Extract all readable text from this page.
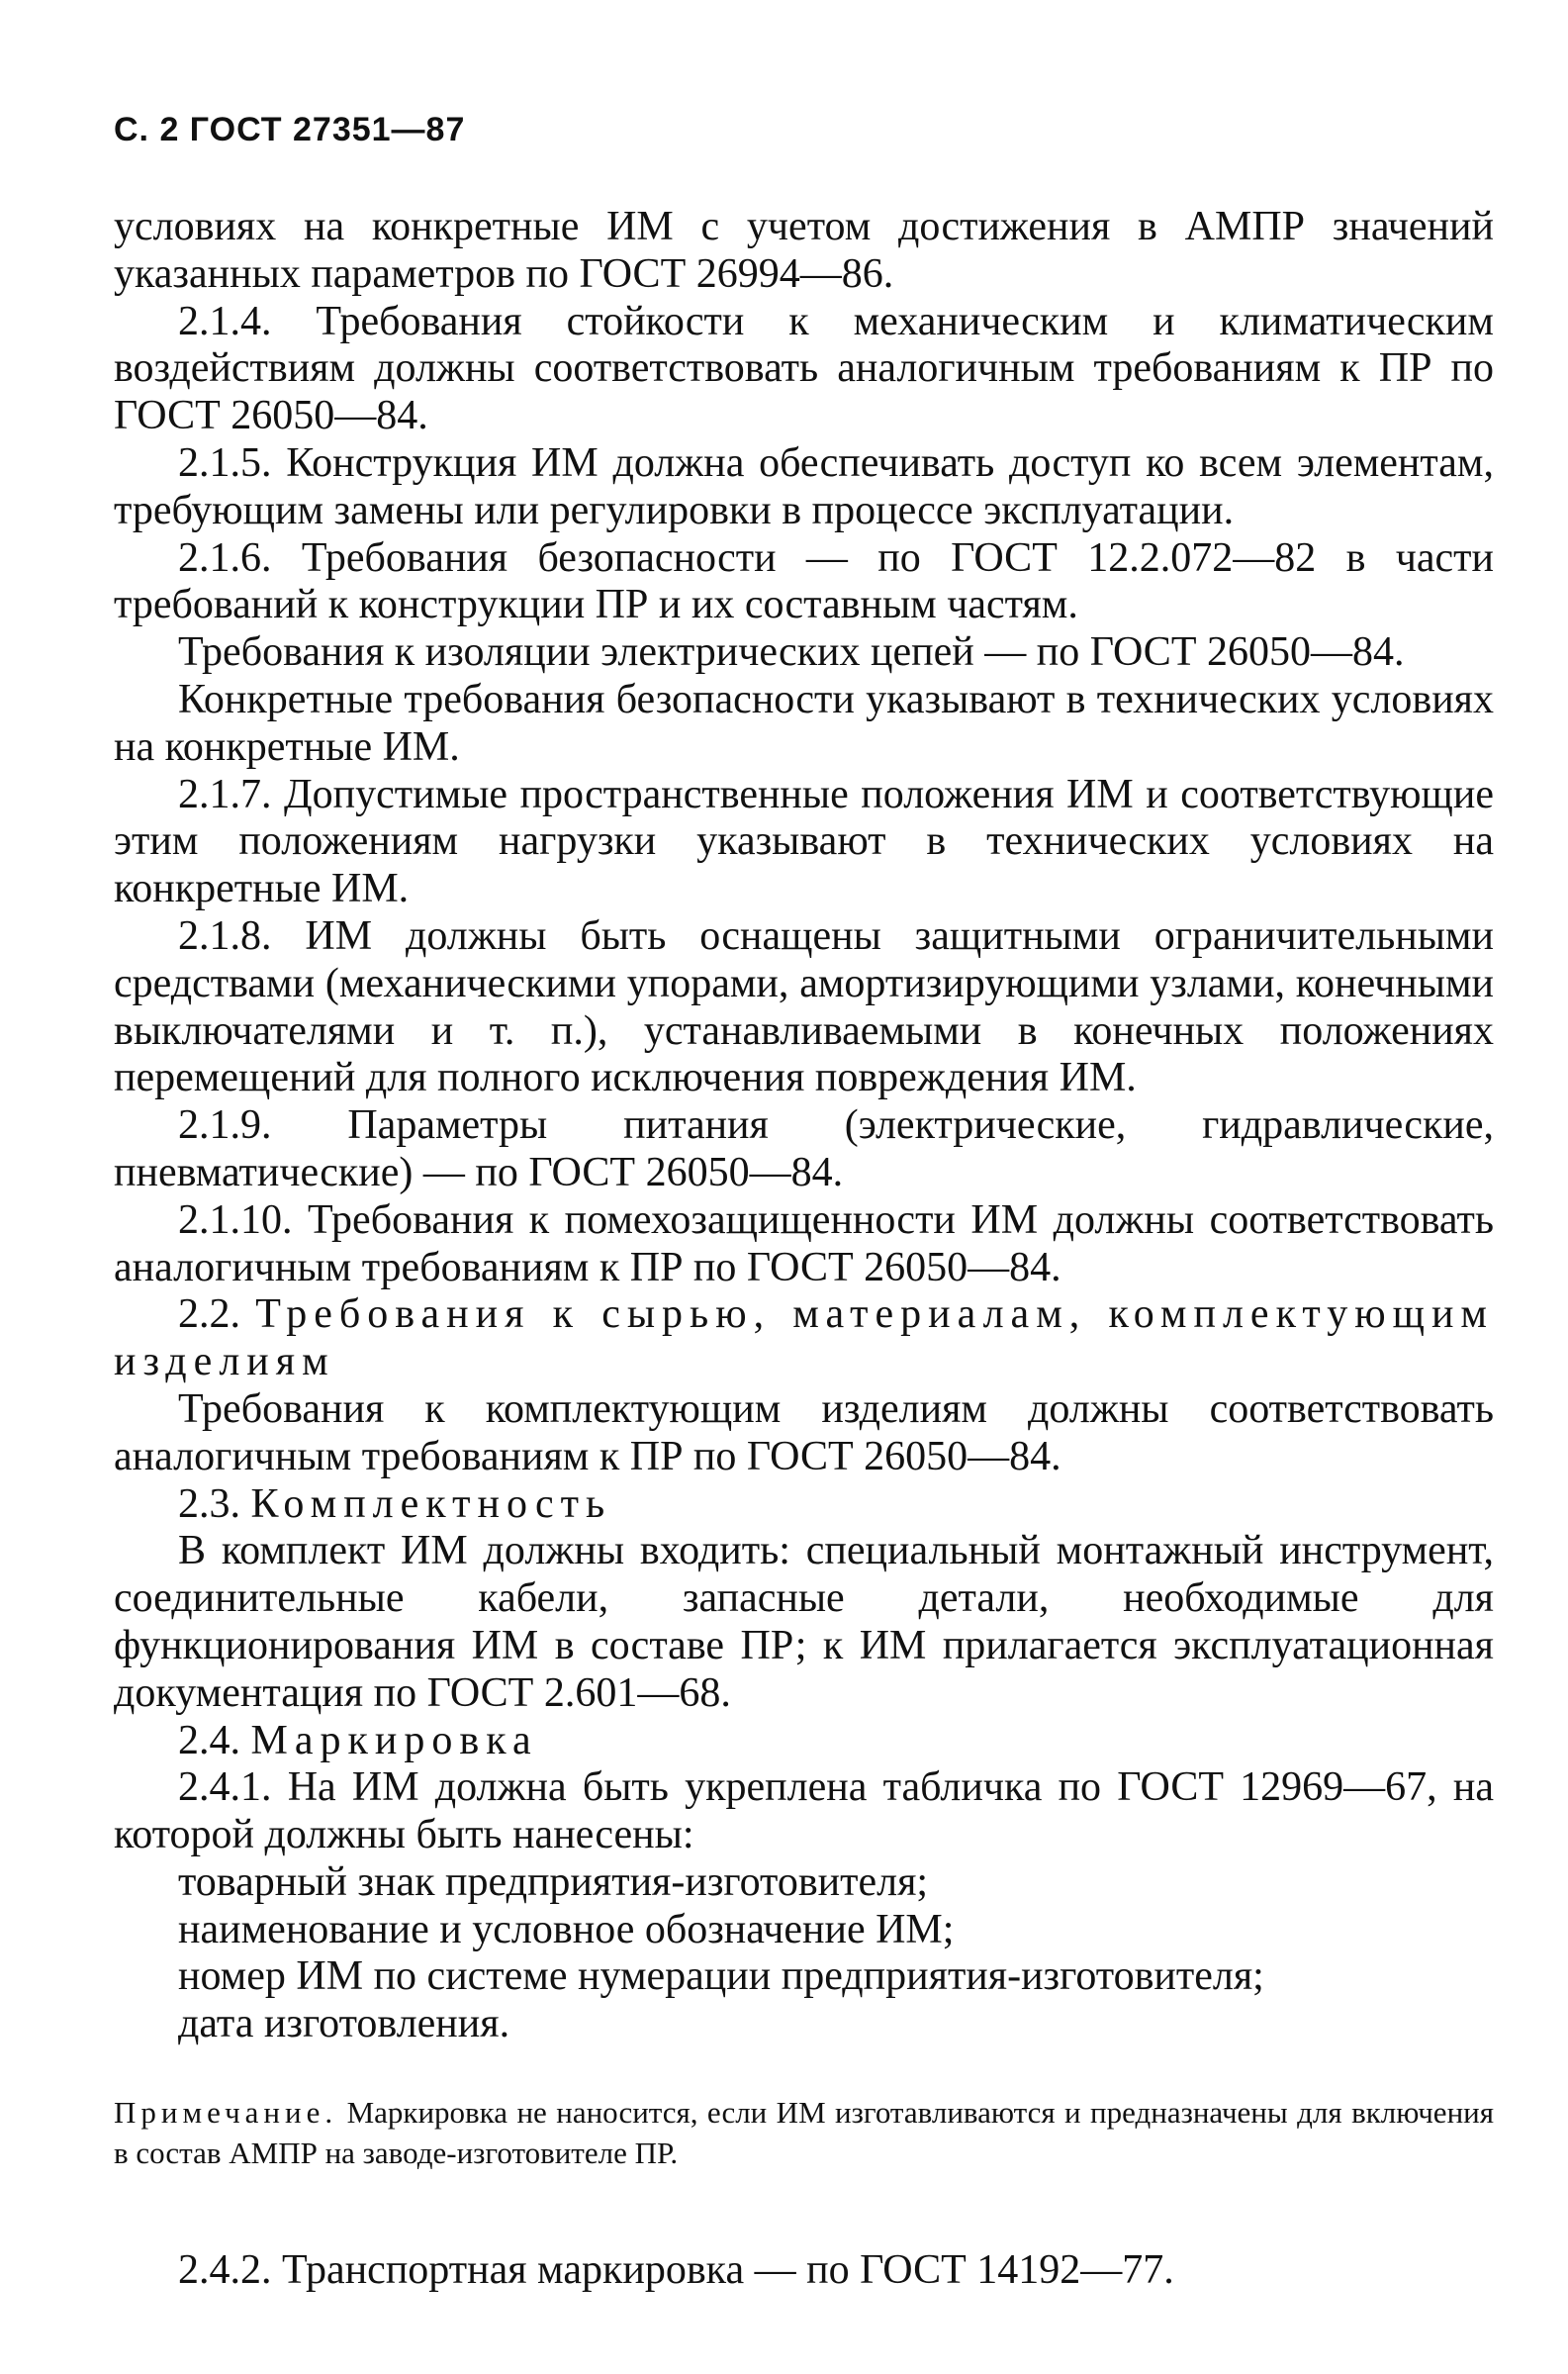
С. 2 ГОСТ 27351—87

условиях на конкретные ИМ с учетом достижения в АМПР значений указанных параметров по ГОСТ 26994—86.

2.1.4. Требования стойкости к механическим и климатическим воздействиям должны соответствовать аналогичным требованиям к ПР по ГОСТ 26050—84.

2.1.5. Конструкция ИМ должна обеспечивать доступ ко всем элементам, требующим замены или регулировки в процессе эксплуатации.

2.1.6. Требования безопасности — по ГОСТ 12.2.072—82 в части требований к конструкции ПР и их составным частям.

Требования к изоляции электрических цепей — по ГОСТ 26050—84.

Конкретные требования безопасности указывают в технических условиях на конкретные ИМ.

2.1.7. Допустимые пространственные положения ИМ и соответствующие этим положениям нагрузки указывают в технических условиях на конкретные ИМ.

2.1.8. ИМ должны быть оснащены защитными ограничительными средствами (механическими упорами, амортизирующими узлами, конечными выключателями и т. п.), устанавливаемыми в конечных положениях перемещений для полного исключения повреждения ИМ.

2.1.9. Параметры питания (электрические, гидравлические, пневматические) — по ГОСТ 26050—84.

2.1.10. Требования к помехозащищенности ИМ должны соответствовать аналогичным требованиям к ПР по ГОСТ 26050—84.

2.2. Требования к сырью, материалам, комплектующим изделиям

Требования к комплектующим изделиям должны соответствовать аналогичным требованиям к ПР по ГОСТ 26050—84.

2.3. Комплектность

В комплект ИМ должны входить: специальный монтажный инструмент, соединительные кабели, запасные детали, необходимые для функционирования ИМ в составе ПР; к ИМ прилагается эксплуатационная документация по ГОСТ 2.601—68.

2.4. Маркировка

2.4.1. На ИМ должна быть укреплена табличка по ГОСТ 12969—67, на которой должны быть нанесены:

товарный знак предприятия-изготовителя;

наименование и условное обозначение ИМ;

номер ИМ по системе нумерации предприятия-изготовителя;

дата изготовления.

Примечание. Маркировка не наносится, если ИМ изготавливаются и предназначены для включения в состав АМПР на заводе-изготовителе ПР.
2.4.2. Транспортная маркировка — по ГОСТ 14192—77.
